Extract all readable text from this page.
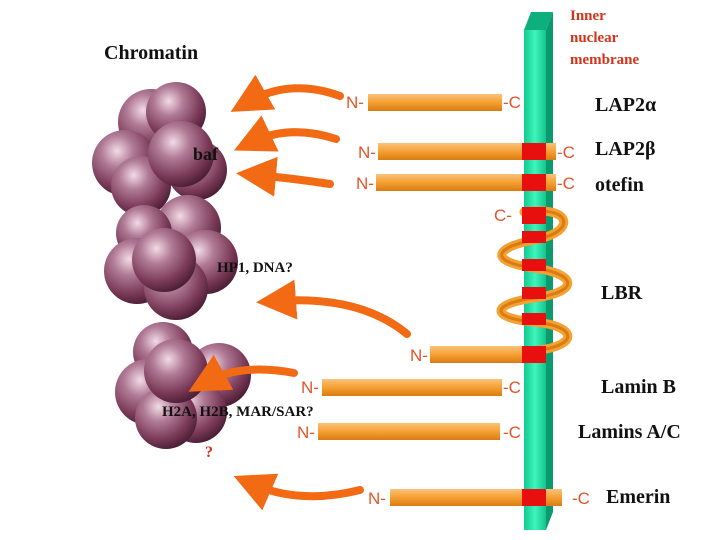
N-	-C
N-	-C
N-	-C
C-
N-
N-	-C
N-	-C
N-	-C
Chromatin
Inner
nuclear
membrane
baf
HP1, DNA?
H2A, H2B, MAR/SAR?
?
LAP2α
LAP2β
otefin
LBR
Lamin B
Lamins A/C
Emerin
